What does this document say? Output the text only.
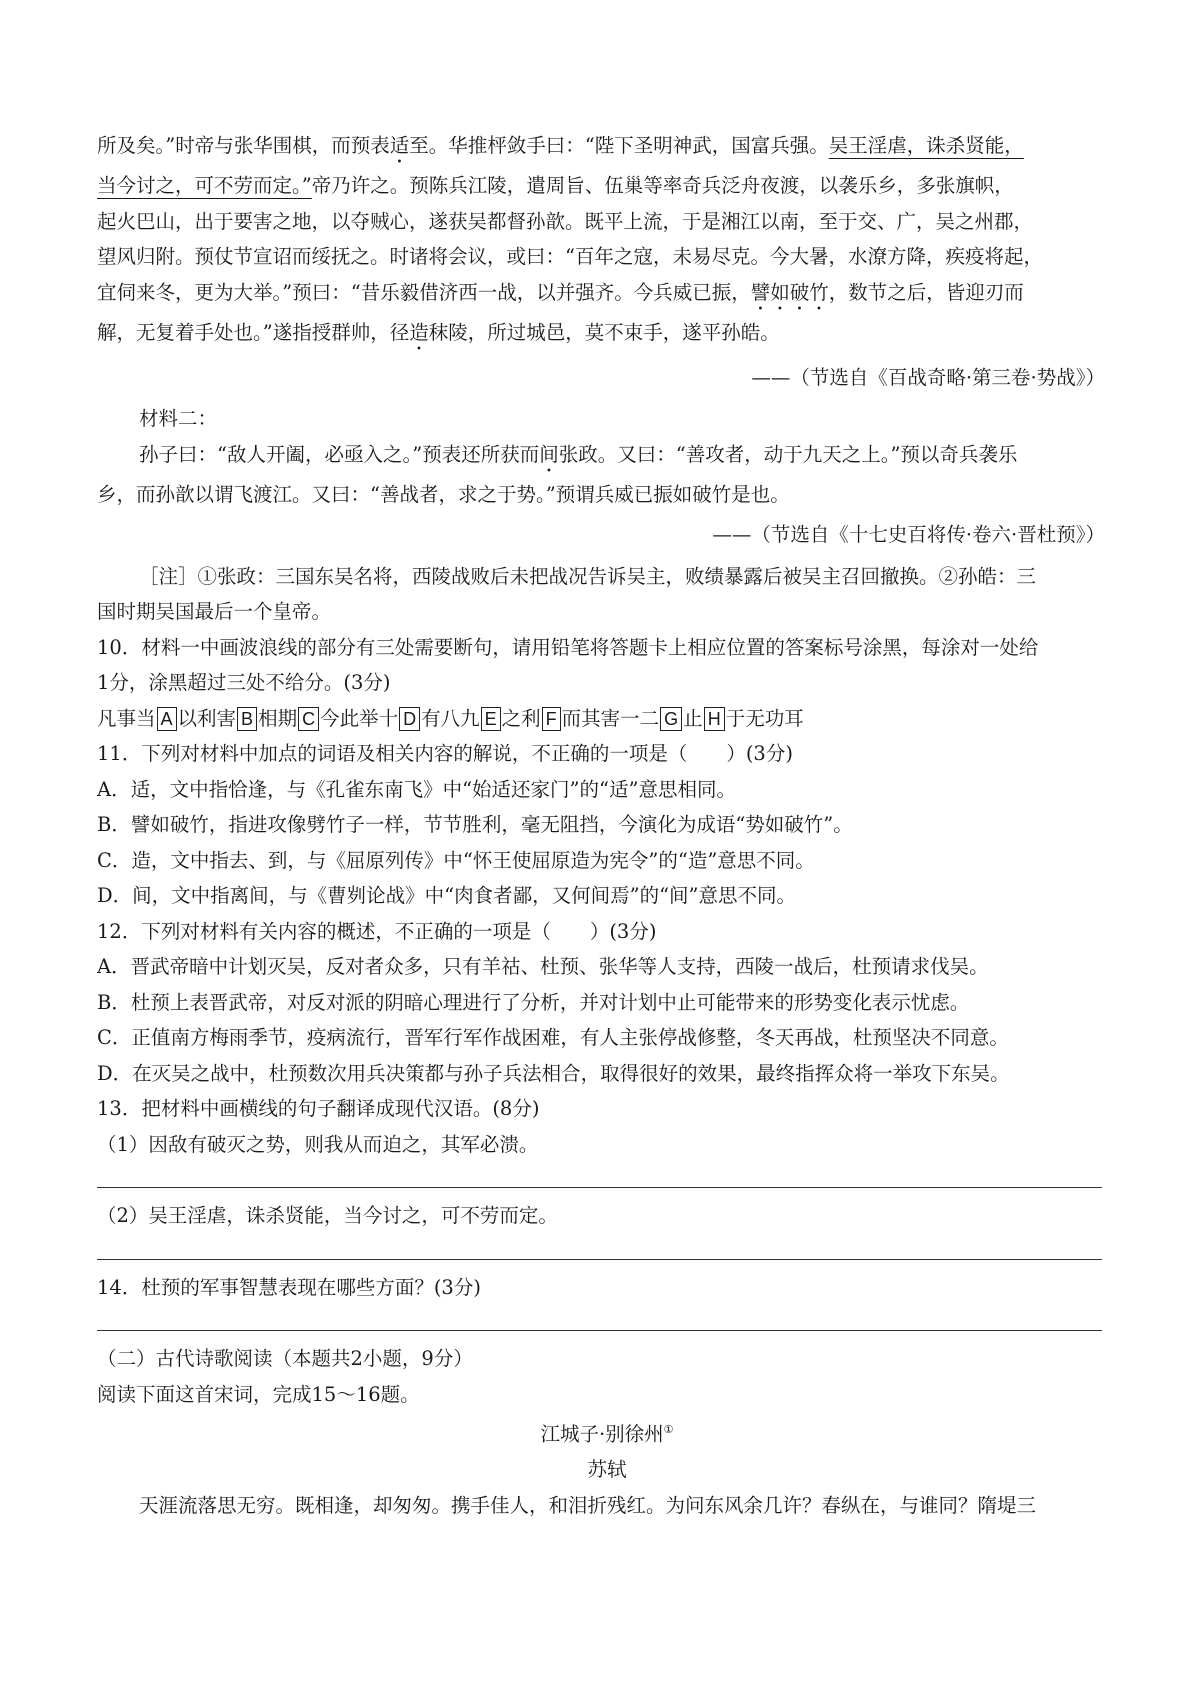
所及矣。”时帝与张华围棋，而预表适至。华推枰敛手曰：“陛下圣明神武，国富兵强。吴王淫虐，诛杀贤能，

当今讨之，可不劳而定。”帝乃许之。预陈兵江陵，遣周旨、伍巢等率奇兵泛舟夜渡，以袭乐乡，多张旗帜，

起火巴山，出于要害之地，以夺贼心，遂获吴都督孙歆。既平上流，于是湘江以南，至于交、广，吴之州郡，

望风归附。预仗节宣诏而绥抚之。时诸将会议，或曰：“百年之寇，未易尽克。今大暑，水潦方降，疾疫将起，

宜伺来冬，更为大举。”预曰：“昔乐毅借济西一战，以并强齐。今兵威已振，譬如破竹，数节之后，皆迎刃而

解，无复着手处也。”遂指授群帅，径造秣陵，所过城邑，莫不束手，遂平孙皓。

——（节选自《百战奇略·第三卷·势战》）

材料二：

孙子曰：“敌人开阖，必亟入之。”预表还所获而间张政。又曰：“善攻者，动于九天之上。”预以奇兵袭乐

乡，而孙歆以谓飞渡江。又曰：“善战者，求之于势。”预谓兵威已振如破竹是也。

——（节选自《十七史百将传·卷六·晋杜预》）

［注］①张政：三国东吴名将，西陵战败后未把战况告诉吴主，败绩暴露后被吴主召回撤换。②孙皓：三

国时期吴国最后一个皇帝。

10．材料一中画波浪线的部分有三处需要断句，请用铅笔将答题卡上相应位置的答案标号涂黑，每涂对一处给

1分，涂黑超过三处不给分。(3分)

凡事当 A 以利害 B 相期 C 今此举十 D 有八九 E 之利 F 而其害一二 G 止 H 于无功耳

11．下列对材料中加点的词语及相关内容的解说，不正确的一项是（　　）(3分)

A．适，文中指恰逢，与《孔雀东南飞》中“始适还家门”的“适”意思相同。

B．譬如破竹，指进攻像劈竹子一样，节节胜利，毫无阻挡，今演化为成语“势如破竹”。

C．造，文中指去、到，与《屈原列传》中“怀王使屈原造为宪令”的“造”意思不同。

D．间，文中指离间，与《曹刿论战》中“肉食者鄙，又何间焉”的“间”意思不同。

12．下列对材料有关内容的概述，不正确的一项是（　　）(3分)

A．晋武帝暗中计划灭吴，反对者众多，只有羊祜、杜预、张华等人支持，西陵一战后，杜预请求伐吴。

B．杜预上表晋武帝，对反对派的阴暗心理进行了分析，并对计划中止可能带来的形势变化表示忧虑。

C．正值南方梅雨季节，疫病流行，晋军行军作战困难，有人主张停战修整，冬天再战，杜预坚决不同意。

D．在灭吴之战中，杜预数次用兵决策都与孙子兵法相合，取得很好的效果，最终指挥众将一举攻下东吴。

13．把材料中画横线的句子翻译成现代汉语。(8分)

（1）因敌有破灭之势，则我从而迫之，其军必溃。

（2）吴王淫虐，诛杀贤能，当今讨之，可不劳而定。

14．杜预的军事智慧表现在哪些方面？(3分)

（二）古代诗歌阅读（本题共2小题，9分）

阅读下面这首宋词，完成15～16题。

江城子·别徐州①

苏轼

天涯流落思无穷。既相逢，却匆匆。携手佳人，和泪折残红。为问东风余几许？春纵在，与谁同？隋堤三
